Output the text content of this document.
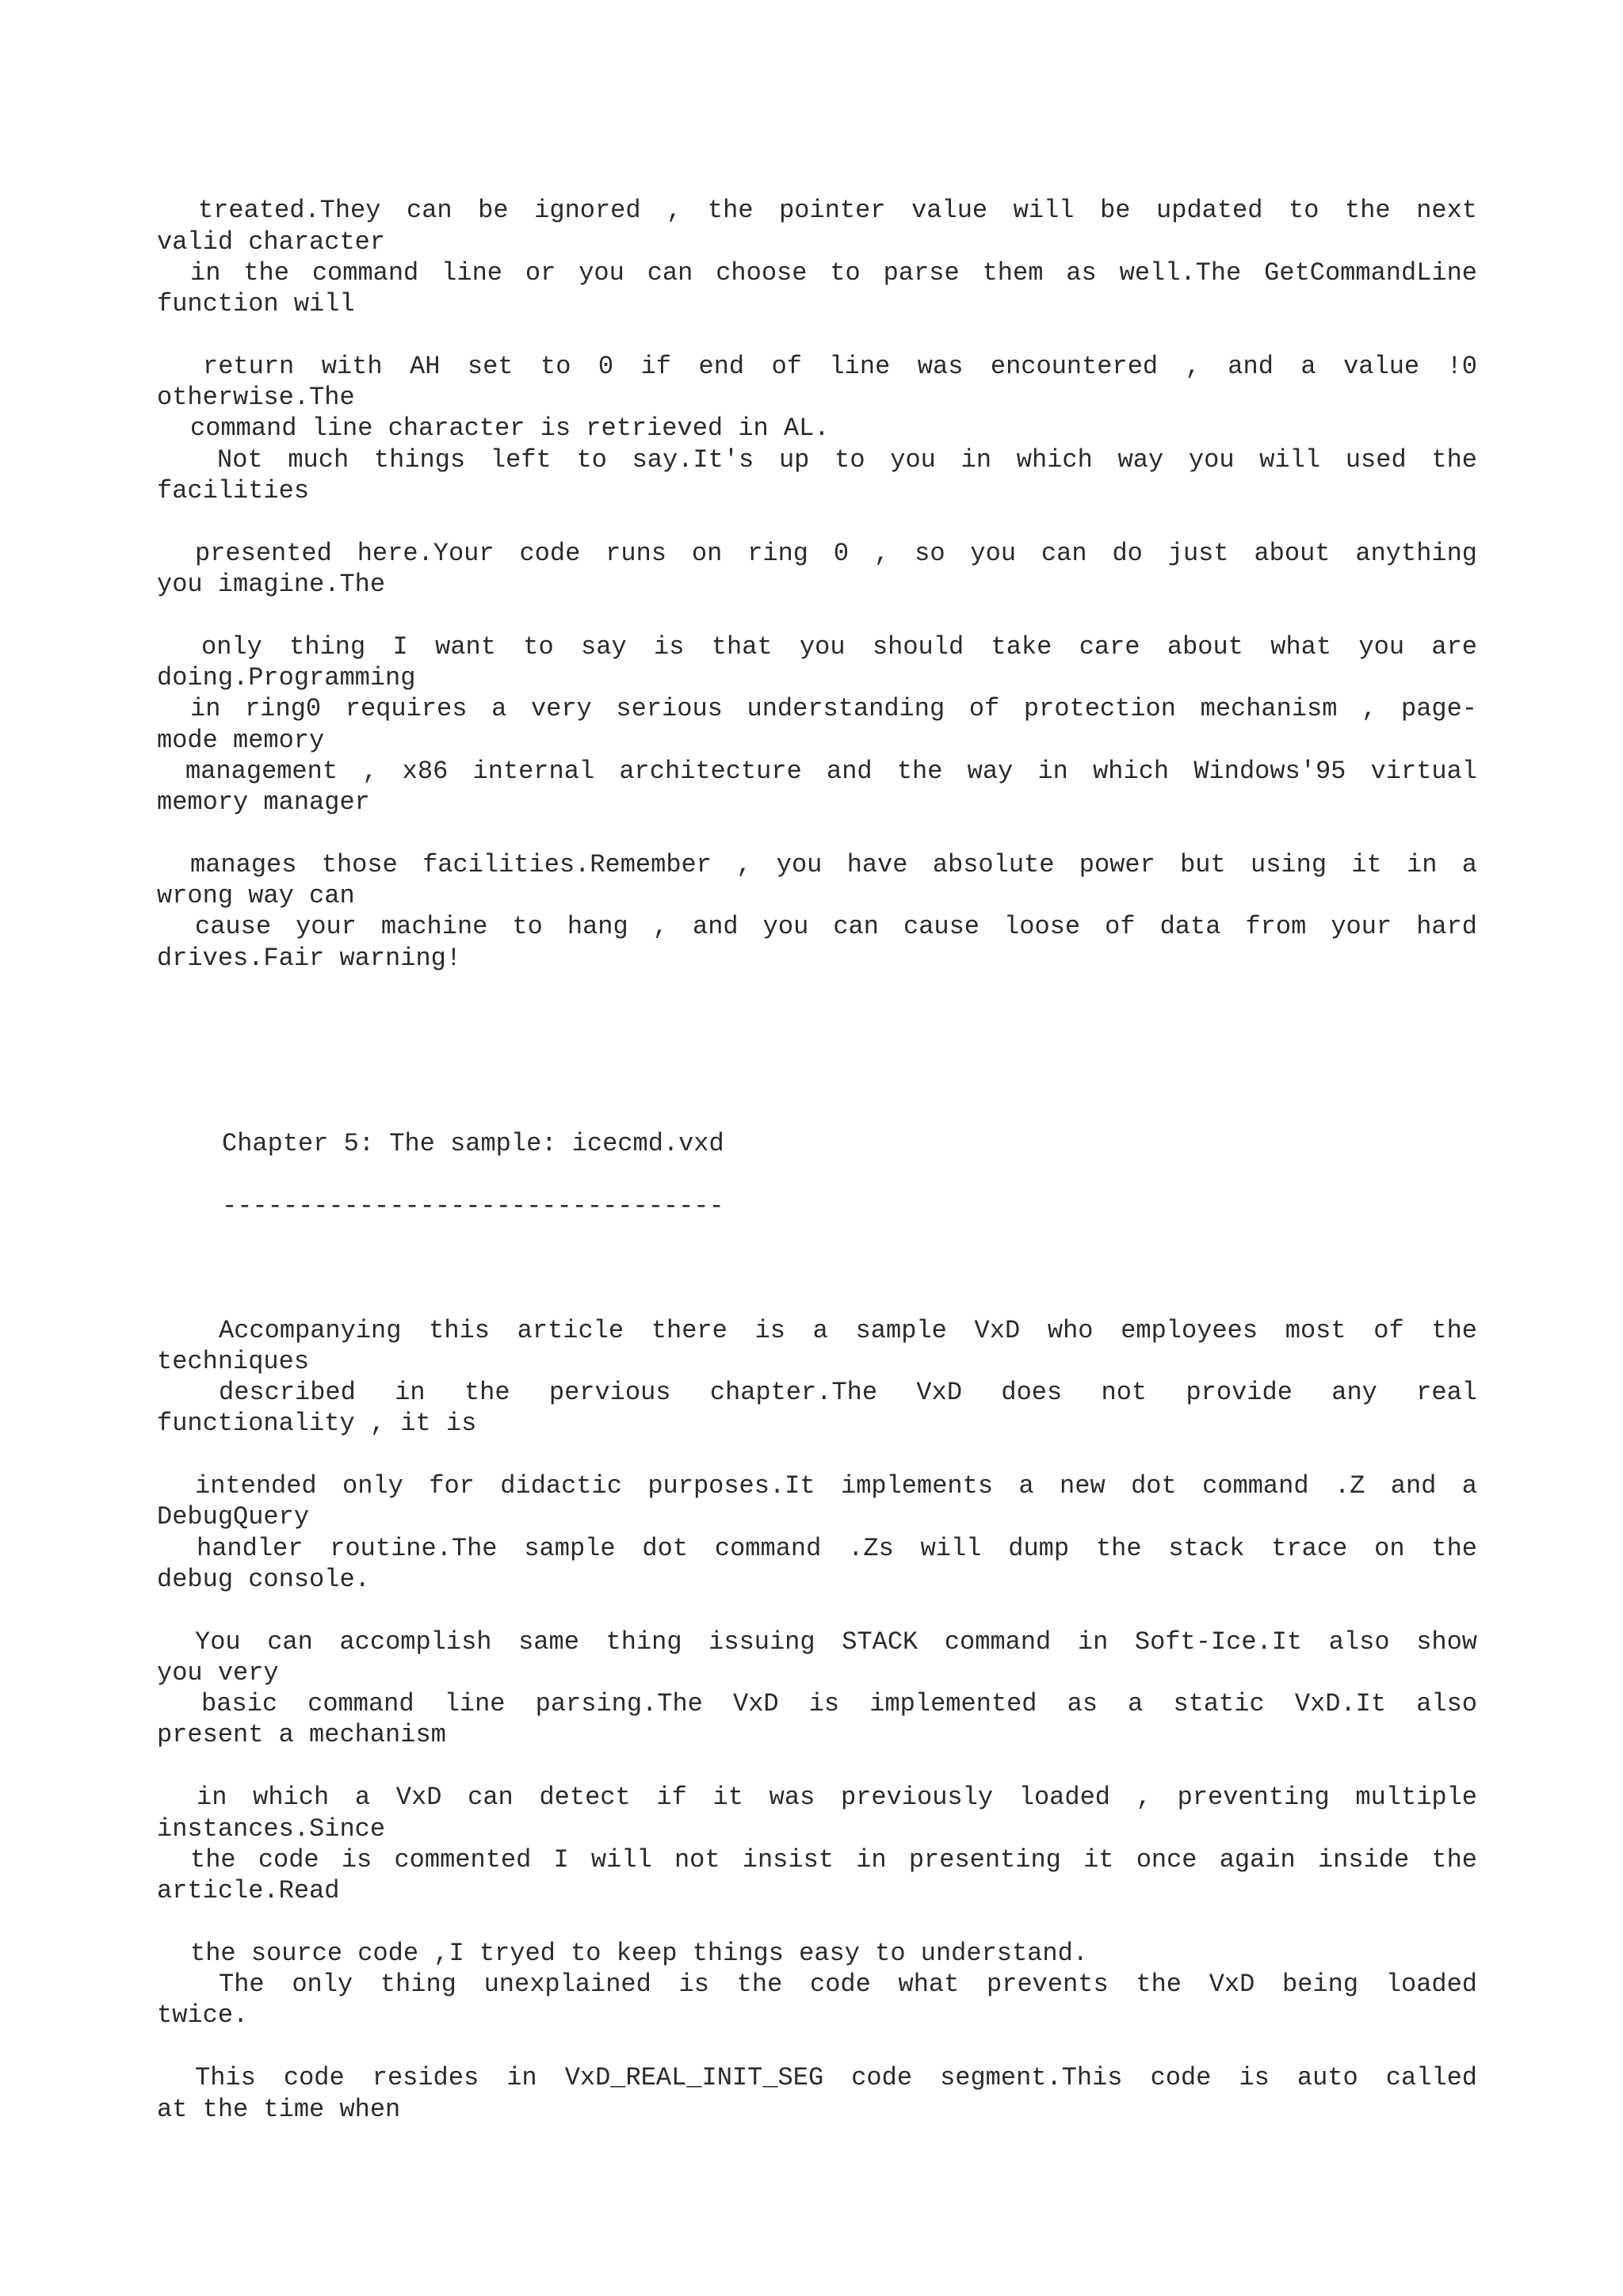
treated.They can be ignored , the pointer value will be updated to the next
valid character
in the command line or you can choose to parse them as well.The GetCommandLine
function will
return with AH set to 0 if end of line was encountered , and a value !0
otherwise.The
command line character is retrieved in AL.
Not much things left to say.It's up to you in which way you will used the
facilities
presented here.Your code runs on ring 0 , so you can do just about anything
you imagine.The
only thing I want to say is that you should take care about what you are
doing.Programming
in ring0 requires a very serious understanding of protection mechanism , page-
mode memory
management , x86 internal architecture and the way in which Windows'95 virtual
memory manager
manages those facilities.Remember , you have absolute power but using it in a
wrong way can
cause your machine to hang , and you can cause loose of data from your hard
drives.Fair warning!
Chapter 5: The sample: icecmd.vxd
---------------------------------
Accompanying this article there is a sample VxD who employees most of the
techniques
described in the pervious chapter.The VxD does not provide any real
functionality , it is
intended only for didactic purposes.It implements a new dot command .Z and a
DebugQuery
handler routine.The sample dot command .Zs will dump the stack trace on the
debug console.
You can accomplish same thing issuing STACK command in Soft-Ice.It also show
you very
basic command line parsing.The VxD is implemented as a static VxD.It also
present a mechanism
in which a VxD can detect if it was previously loaded , preventing multiple
instances.Since
the code is commented I will not insist in presenting it once again inside the
article.Read
the source code ,I tryed to keep things easy to understand.
The only thing unexplained is the code what prevents the VxD being loaded
twice.
This code resides in VxD_REAL_INIT_SEG code segment.This code is auto called
at the time when
